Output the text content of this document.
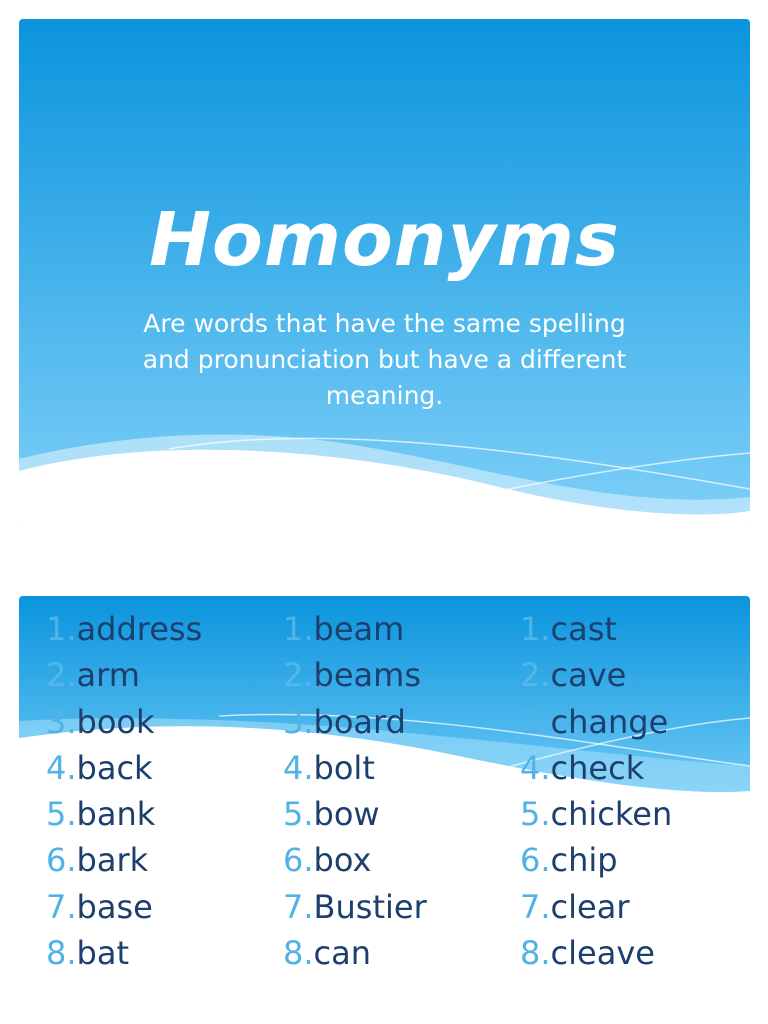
Homonyms
Are words that have the same spelling and pronunciation but have a different meaning.
1.address
2.arm
3.book
4.back
5.bank
6.bark
7.base
8.bat
1.beam
2.beams
3.board
4.bolt
5.bow
6.box
7.Bustier
8.can
1.cast
2.cave
3.change
4.check
5.chicken
6.chip
7.clear
8.cleave
